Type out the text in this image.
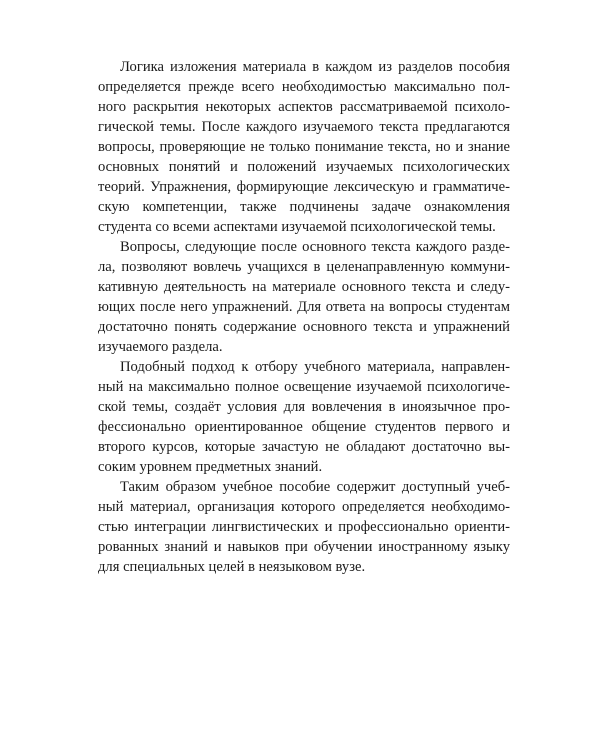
Логика изложения материала в каждом из разделов пособия
определяется прежде всего необходимостью максимально пол-
ного раскрытия некоторых аспектов рассматриваемой психоло-
гической темы. После каждого изучаемого текста предлагаются
вопросы, проверяющие не только понимание текста, но и знание
основных понятий и положений изучаемых психологических
теорий. Упражнения, формирующие лексическую и грамматиче-
скую компетенции, также подчинены задаче ознакомления
студента со всеми аспектами изучаемой психологической темы.
Вопросы, следующие после основного текста каждого разде-
ла, позволяют вовлечь учащихся в целенаправленную коммуни-
кативную деятельность на материале основного текста и следу-
ющих после него упражнений. Для ответа на вопросы студентам
достаточно понять содержание основного текста и упражнений
изучаемого раздела.
Подобный подход к отбору учебного материала, направлен-
ный на максимально полное освещение изучаемой психологиче-
ской темы, создаёт условия для вовлечения в иноязычное про-
фессионально ориентированное общение студентов первого и
второго курсов, которые зачастую не обладают достаточно вы-
соким уровнем предметных знаний.
Таким образом учебное пособие содержит доступный учеб-
ный материал, организация которого определяется необходимо-
стью интеграции лингвистических и профессионально ориенти-
рованных знаний и навыков при обучении иностранному языку
для специальных целей в неязыковом вузе.
